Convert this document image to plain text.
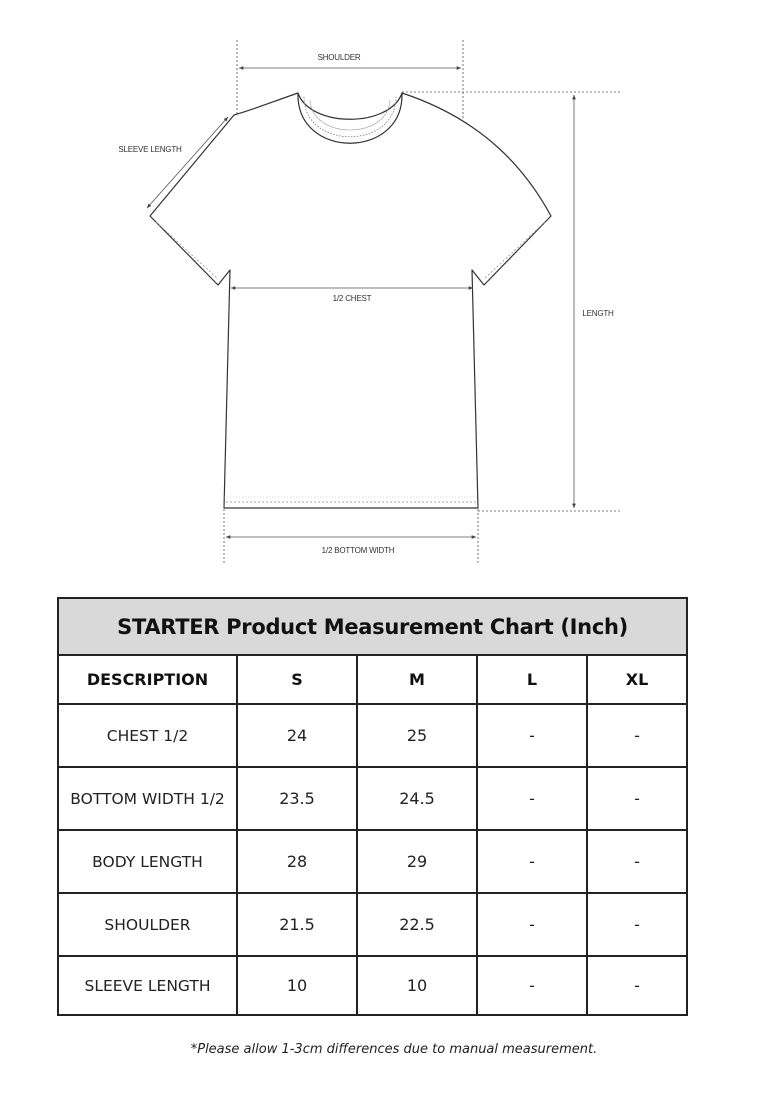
SHOULDER
SLEEVE LENGTH
1/2 CHEST
LENGTH
1/2 BOTTOM WIDTH
STARTER Product Measurement Chart (Inch)				
DESCRIPTION	S	M	L	XL
CHEST 1/2	24	25	-	-
BOTTOM WIDTH 1/2	23.5	24.5	-	-
BODY LENGTH	28	29	-	-
SHOULDER	21.5	22.5	-	-
SLEEVE LENGTH	10	10	-	-
*Please allow 1-3cm differences due to manual measurement.
